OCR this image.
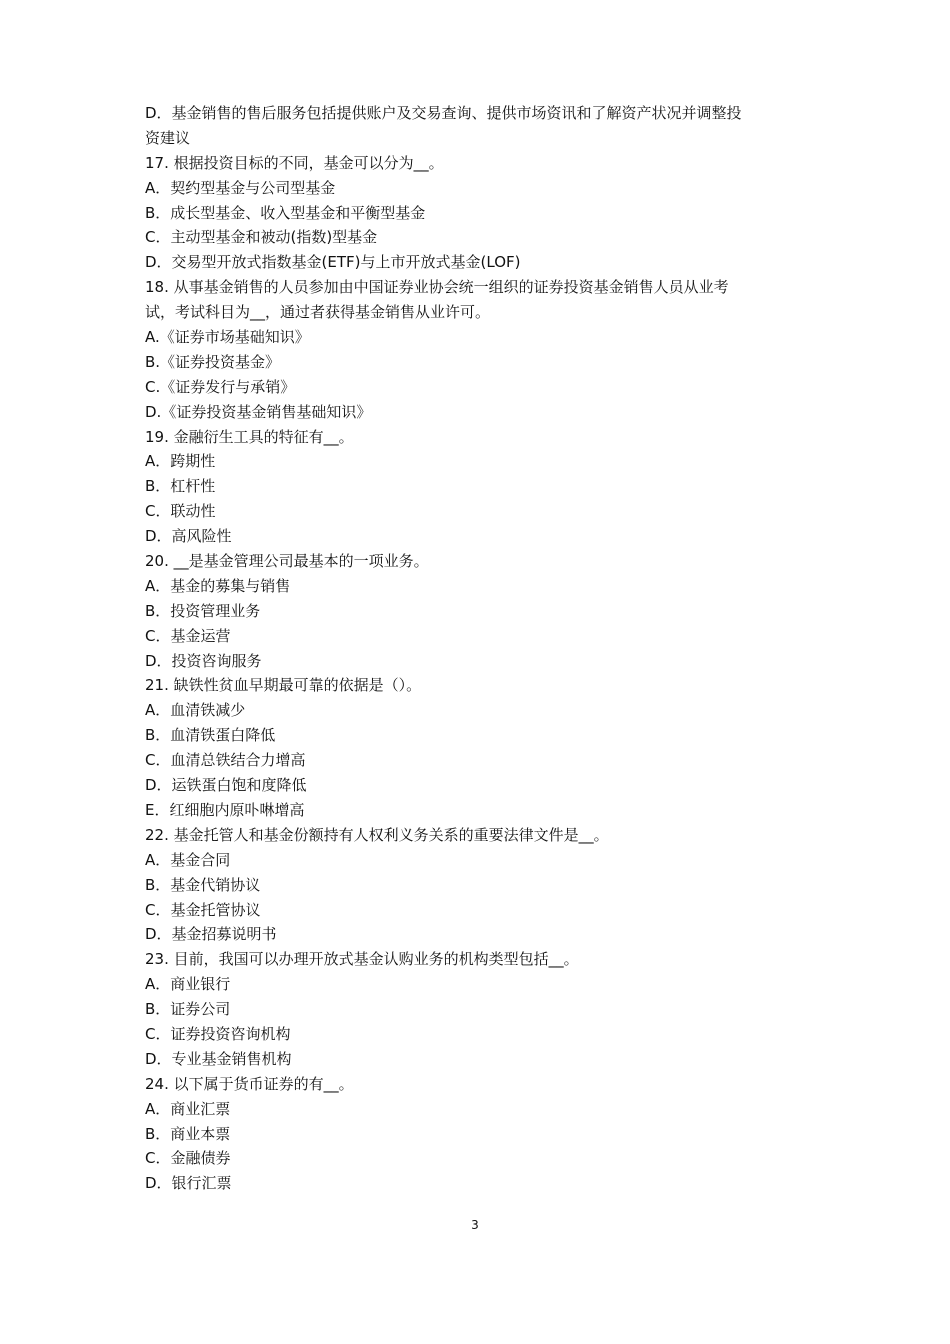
D．基金销售的售后服务包括提供账户及交易查询、提供市场资讯和了解资产状况并调整投
资建议
17. 根据投资目标的不同，基金可以分为__。
A．契约型基金与公司型基金
B．成长型基金、收入型基金和平衡型基金
C．主动型基金和被动(指数)型基金
D．交易型开放式指数基金(ETF)与上市开放式基金(LOF)
18. 从事基金销售的人员参加由中国证券业协会统一组织的证券投资基金销售人员从业考
试，考试科目为__，通过者获得基金销售从业许可。
A.《证券市场基础知识》
B.《证券投资基金》
C.《证券发行与承销》
D.《证券投资基金销售基础知识》
19. 金融衍生工具的特征有__。
A．跨期性
B．杠杆性
C．联动性
D．高风险性
20. __是基金管理公司最基本的一项业务。
A．基金的募集与销售
B．投资管理业务
C．基金运营
D．投资咨询服务
21. 缺铁性贫血早期最可靠的依据是（）。
A．血清铁减少
B．血清铁蛋白降低
C．血清总铁结合力增高
D．运铁蛋白饱和度降低
E．红细胞内原卟啉增高
22. 基金托管人和基金份额持有人权利义务关系的重要法律文件是__。
A．基金合同
B．基金代销协议
C．基金托管协议
D．基金招募说明书
23. 目前，我国可以办理开放式基金认购业务的机构类型包括__。
A．商业银行
B．证券公司
C．证券投资咨询机构
D．专业基金销售机构
24. 以下属于货币证券的有__。
A．商业汇票
B．商业本票
C．金融债券
D．银行汇票
3
